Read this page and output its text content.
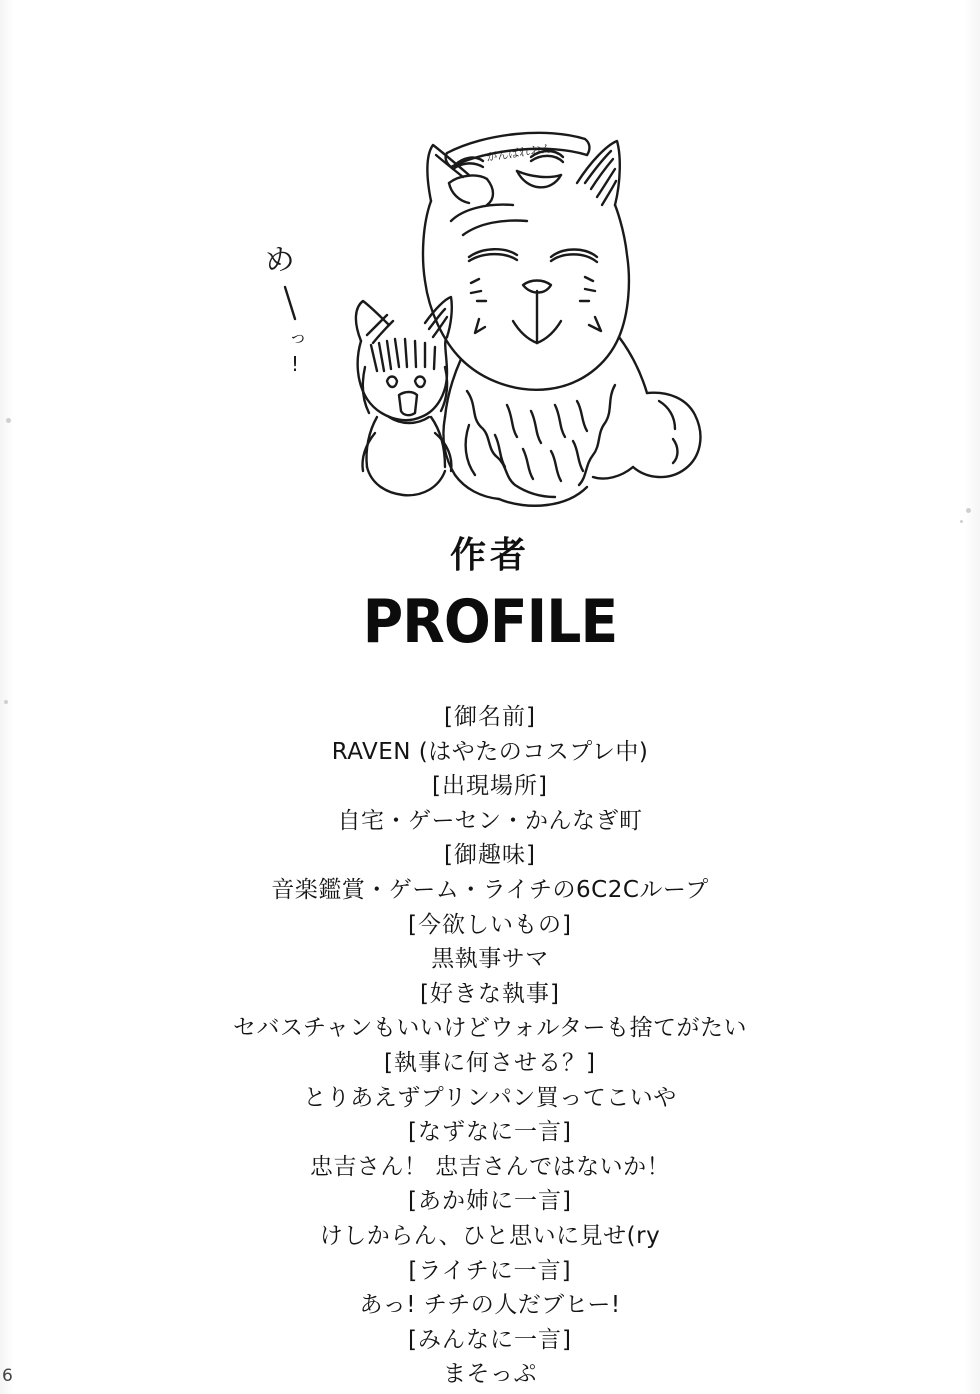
がんばれおん
め
っ
!
作者
PROFILE
[御名前]
RAVEN (はやたのコスプレ中)
[出現場所]
自宅・ゲーセン・かんなぎ町
[御趣味]
音楽鑑賞・ゲーム・ライチの6C2Cループ
[今欲しいもの]
黒執事サマ
[好きな執事]
セバスチャンもいいけどウォルターも捨てがたい
[執事に何させる？]
とりあえずプリンパン買ってこいや
[なずなに一言]
忠吉さん！ 忠吉さんではないか！
[あか姉に一言]
けしからん、ひと思いに見せ(ry
[ライチに一言]
あっ! チチの人だブヒー!
[みんなに一言]
まそっぷ
6
